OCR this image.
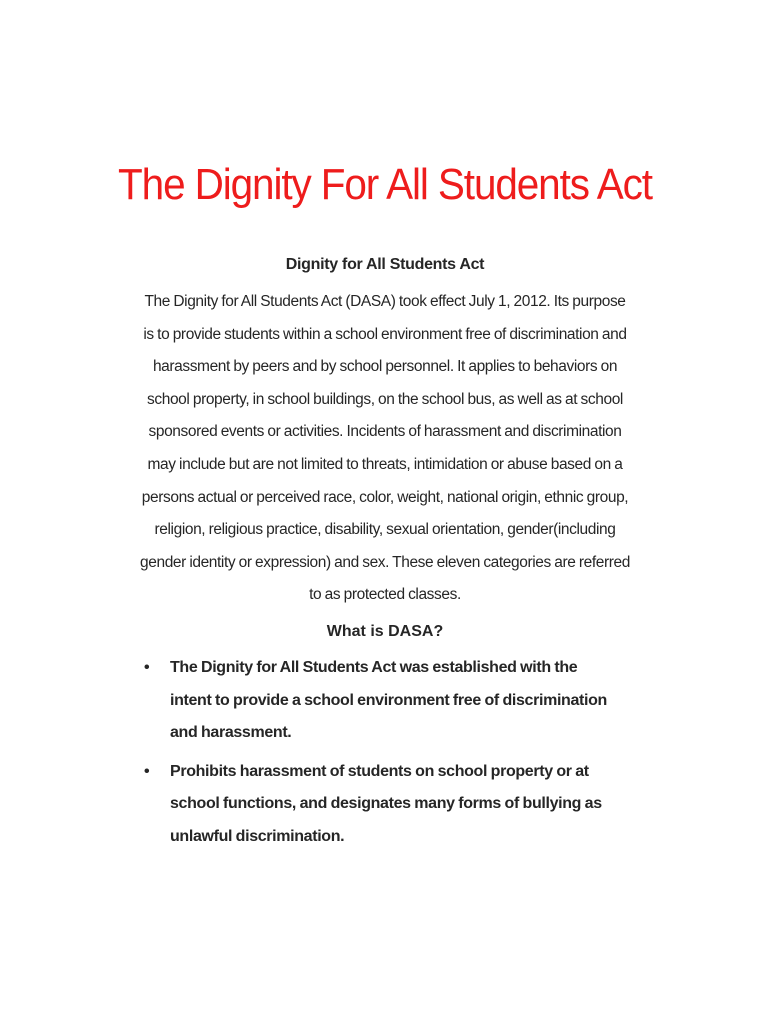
The Dignity For All Students Act

Dignity for All Students Act

The Dignity for All Students Act (DASA) took effect July 1, 2012. Its purpose is to provide students within a school environment free of discrimination and harassment by peers and by school personnel. It applies to behaviors on school property, in school buildings, on the school bus, as well as at school sponsored events or activities. Incidents of harassment and discrimination may include but are not limited to threats, intimidation or abuse based on a persons actual or perceived race, color, weight, national origin, ethnic group, religion, religious practice, disability, sexual orientation, gender(including gender identity or expression) and sex. These eleven categories are referred to as protected classes.

What is DASA?

• The Dignity for All Students Act was established with the intent to provide a school environment free of discrimination and harassment.
• Prohibits harassment of students on school property or at school functions, and designates many forms of bullying as unlawful discrimination.
